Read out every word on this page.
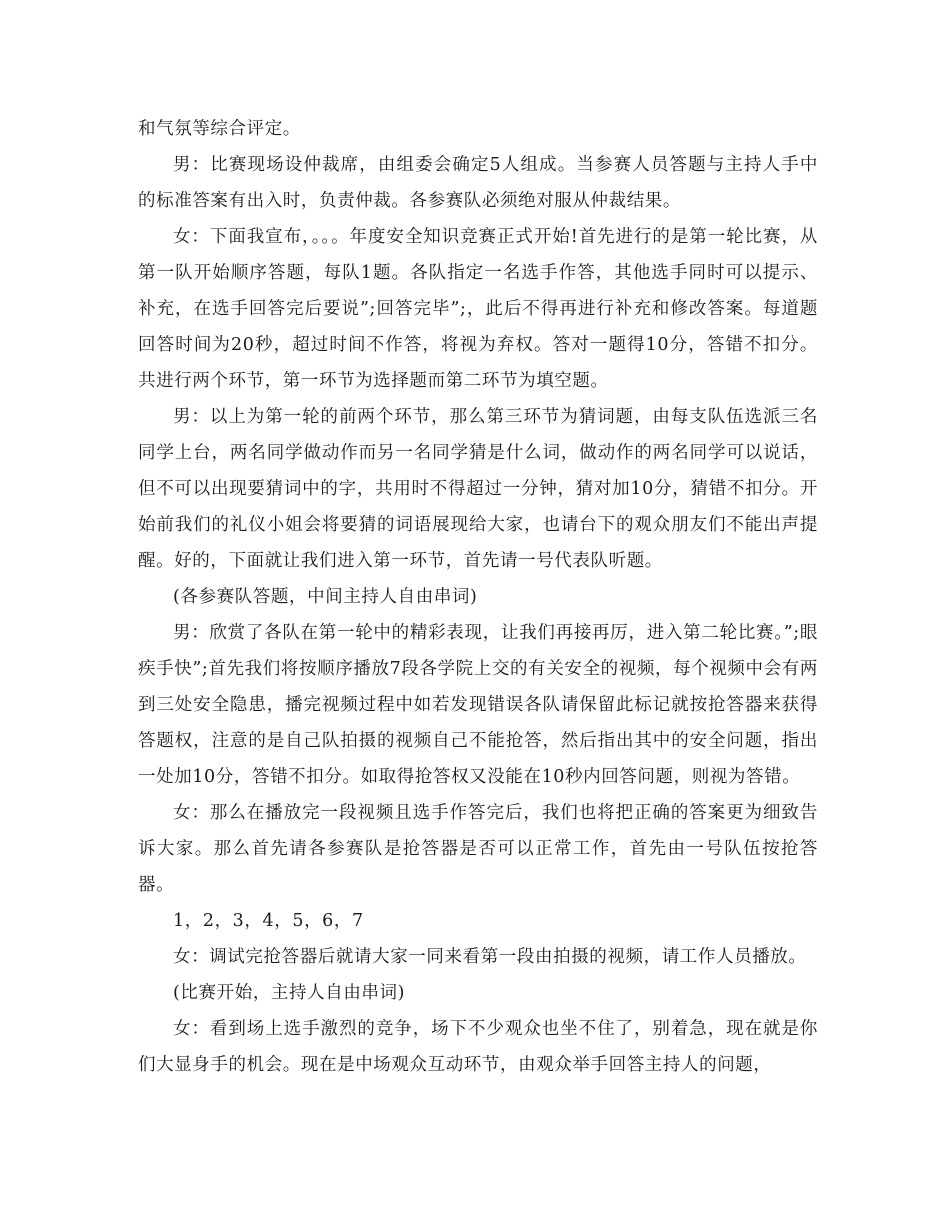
和气氛等综合评定。

男：比赛现场设仲裁席，由组委会确定5人组成。当参赛人员答题与主持人手中的标准答案有出入时，负责仲裁。各参赛队必须绝对服从仲裁结果。

女：下面我宣布，。。。年度安全知识竞赛正式开始!首先进行的是第一轮比赛，从第一队开始顺序答题，每队1题。各队指定一名选手作答，其他选手同时可以提示、补充，在选手回答完后要说”;回答完毕”;，此后不得再进行补充和修改答案。每道题回答时间为20秒，超过时间不作答，将视为弃权。答对一题得10分，答错不扣分。共进行两个环节，第一环节为选择题而第二环节为填空题。

男：以上为第一轮的前两个环节，那么第三环节为猜词题，由每支队伍选派三名同学上台，两名同学做动作而另一名同学猜是什么词，做动作的两名同学可以说话，但不可以出现要猜词中的字，共用时不得超过一分钟，猜对加10分，猜错不扣分。开始前我们的礼仪小姐会将要猜的词语展现给大家，也请台下的观众朋友们不能出声提醒。好的，下面就让我们进入第一环节，首先请一号代表队听题。

(各参赛队答题，中间主持人自由串词)

男：欣赏了各队在第一轮中的精彩表现，让我们再接再厉，进入第二轮比赛。”;眼疾手快”;首先我们将按顺序播放7段各学院上交的有关安全的视频，每个视频中会有两到三处安全隐患，播完视频过程中如若发现错误各队请保留此标记就按抢答器来获得答题权，注意的是自己队拍摄的视频自己不能抢答，然后指出其中的安全问题，指出一处加10分，答错不扣分。如取得抢答权又没能在10秒内回答问题，则视为答错。

女：那么在播放完一段视频且选手作答完后，我们也将把正确的答案更为细致告诉大家。那么首先请各参赛队是抢答器是否可以正常工作，首先由一号队伍按抢答器。

1，2，3，4，5，6，7

女：调试完抢答器后就请大家一同来看第一段由拍摄的视频，请工作人员播放。

(比赛开始，主持人自由串词)

女：看到场上选手激烈的竞争，场下不少观众也坐不住了，别着急，现在就是你们大显身手的机会。现在是中场观众互动环节，由观众举手回答主持人的问题，
